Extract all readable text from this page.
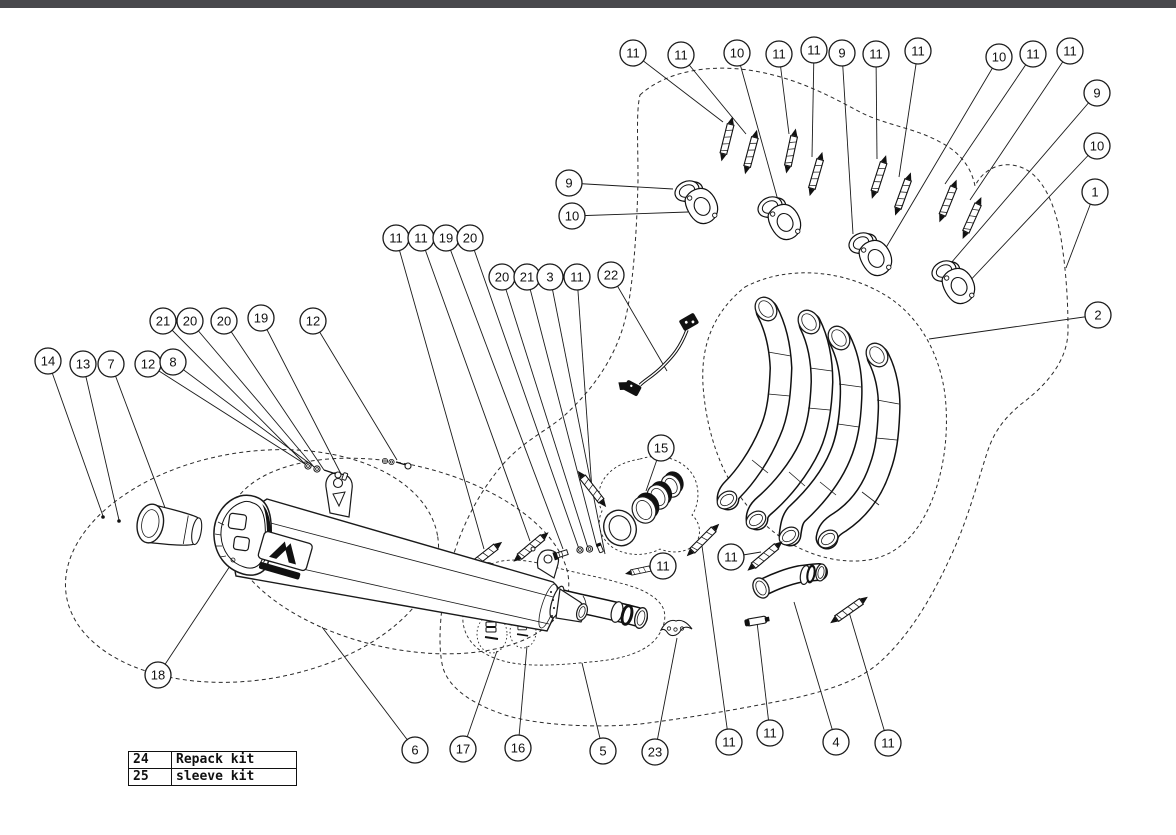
11	11	10 11 11 9 11 11	10 11 11
9
10
1
2
9
10
11 11 19 20
20 21 3 11 22
21 20 20 19	12
14 13 7 12 8
15
11
11
18
6	17	16	5	23
11
11
4	11
24	Repack kit
25	sleeve kit
